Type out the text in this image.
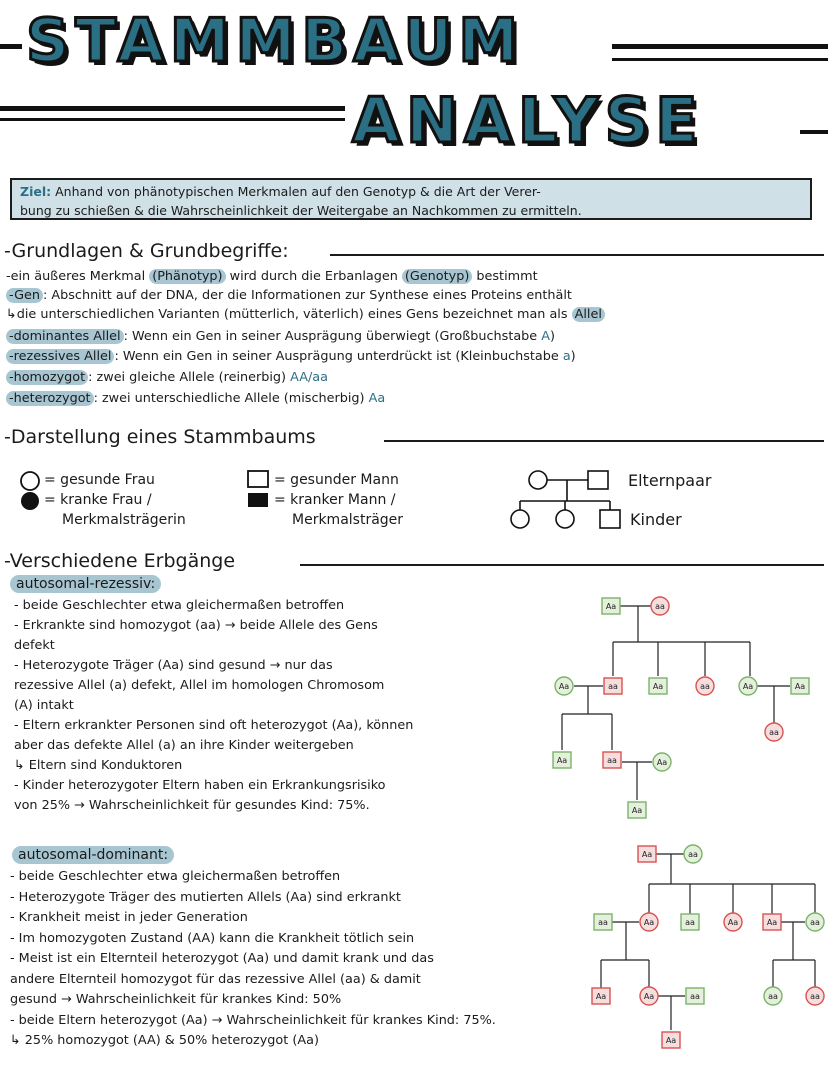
STAMMBAUM
ANALYSE
Ziel: Anhand von phänotypischen Merkmalen auf den Genotyp & die Art der Verer-
bung zu schießen & die Wahrscheinlichkeit der Weitergabe an Nachkommen zu ermitteln.
-Grundlagen & Grundbegriffe:
-ein äußeres Merkmal (Phänotyp) wird durch die Erbanlagen (Genotyp) bestimmt
-Gen : Abschnitt auf der DNA, der die Informationen zur Synthese eines Proteins enthält
↳die unterschiedlichen Varianten (mütterlich, väterlich) eines Gens bezeichnet man als Allel
-dominantes Allel : Wenn ein Gen in seiner Ausprägung überwiegt (Großbuchstabe A)
-rezessives Allel : Wenn ein Gen in seiner Ausprägung unterdrückt ist (Kleinbuchstabe a)
-homozygot : zwei gleiche Allele (reinerbig) AA/aa
-heterozygot : zwei unterschiedliche Allele (mischerbig) Aa
-Darstellung eines Stammbaums
= gesunde Frau
= kranke Frau /
Merkmalsträgerin
= gesunder Mann
= kranker Mann /
Merkmalsträger
Elternpaar
Kinder
-Verschiedene Erbgänge
autosomal-rezessiv:
- beide Geschlechter etwa gleichermaßen betroffen
- Erkrankte sind homozygot (aa) → beide Allele des Gens
defekt
- Heterozygote Träger (Aa) sind gesund → nur das
rezessive Allel (a) defekt, Allel im homologen Chromosom
(A) intakt
- Eltern erkrankter Personen sind oft heterozygot (Aa), können
aber das defekte Allel (a) an ihre Kinder weitergeben
↳ Eltern sind Konduktoren
- Kinder heterozygoter Eltern haben ein Erkrankungsrisiko
von 25% → Wahrscheinlichkeit für gesundes Kind: 75%.
autosomal-dominant:
- beide Geschlechter etwa gleichermaßen betroffen
- Heterozygote Träger des mutierten Allels (Aa) sind erkrankt
- Krankheit meist in jeder Generation
- Im homozygoten Zustand (AA) kann die Krankheit tötlich sein
- Meist ist ein Elternteil heterozygot (Aa) und damit krank und das
andere Elternteil homozygot für das rezessive Allel (aa) & damit
gesund → Wahrscheinlichkeit für krankes Kind: 50%
- beide Eltern heterozygot (Aa) → Wahrscheinlichkeit für krankes Kind: 75%.
↳ 25% homozygot (AA) & 50% heterozygot (Aa)
Aa	aa
Aa	aa	Aa	aa	Aa	Aa
aa
Aa	aa	Aa
Aa
Aa	aa
aa	Aa	aa	Aa	Aa	aa
Aa	Aa	aa	aa	aa
Aa
